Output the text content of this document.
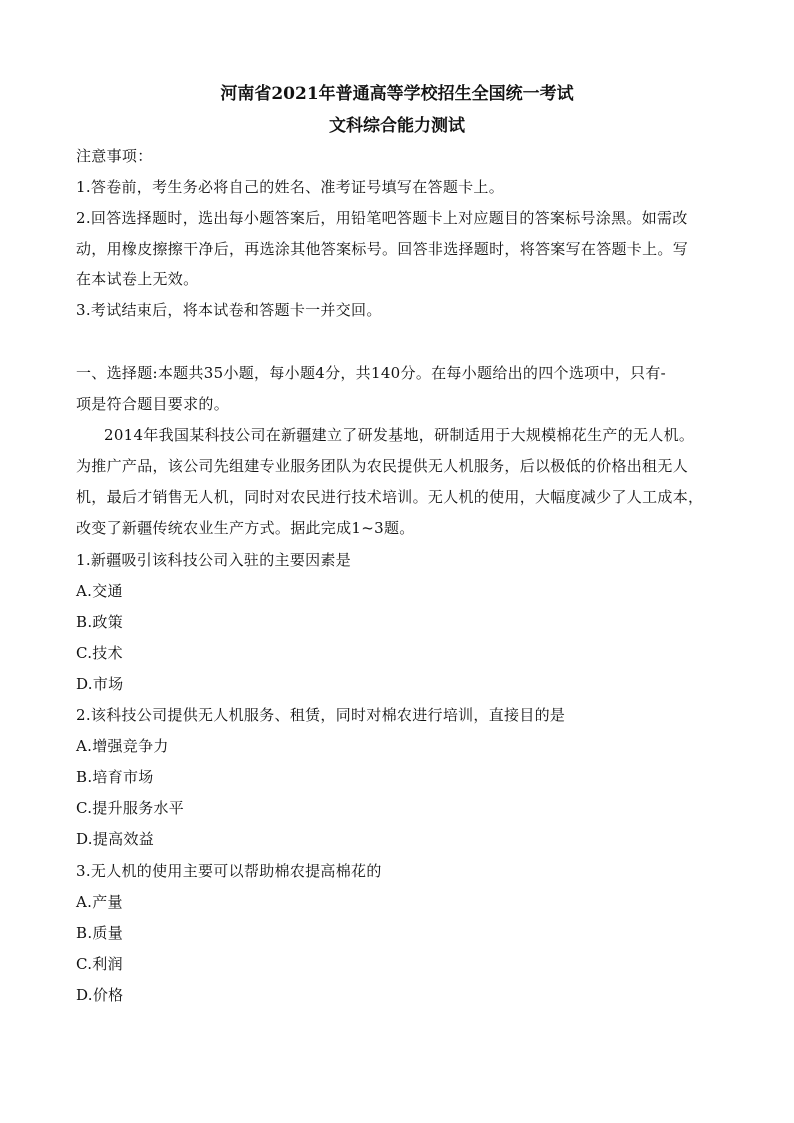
河南省2021年普通高等学校招生全国统一考试
文科综合能力测试
注意事项：
1.答卷前，考生务必将自己的姓名、准考证号填写在答题卡上。
2.回答选择题时，选出每小题答案后，用铅笔吧答题卡上对应题目的答案标号涂黑。如需改
动，用橡皮擦擦干净后，再选涂其他答案标号。回答非选择题时，将答案写在答题卡上。写
在本试卷上无效。
3.考试结束后，将本试卷和答题卡一并交回。
一、选择题:本题共35小题，每小题4分，共140分。在每小题给出的四个选项中，只有-
项是符合题目要求的。
2014年我国某科技公司在新疆建立了研发基地，研制适用于大规模棉花生产的无人机。
为推广产品，该公司先组建专业服务团队为农民提供无人机服务，后以极低的价格出租无人
机，最后才销售无人机，同时对农民进行技术培训。无人机的使用，大幅度减少了人工成本，
改变了新疆传统农业生产方式。据此完成1~3题。
1.新疆吸引该科技公司入驻的主要因素是
A.交通
B.政策
C.技术
D.市场
2.该科技公司提供无人机服务、租赁，同时对棉农进行培训，直接目的是
A.增强竞争力
B.培育市场
C.提升服务水平
D.提高效益
3.无人机的使用主要可以帮助棉农提高棉花的
A.产量
B.质量
C.利润
D.价格
